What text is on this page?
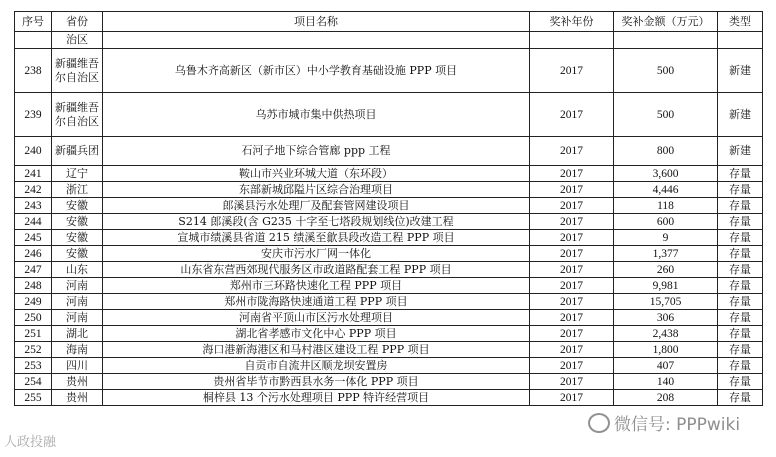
序号	省份	项目名称	奖补年份	奖补金额（万元）	类型
	治区				
238	新疆维吾尔自治区	乌鲁木齐高新区（新市区）中小学教育基础设施 PPP 项目	2017	500	新建
239	新疆维吾尔自治区	乌苏市城市集中供热项目	2017	500	新建
240	新疆兵团	石河子地下综合管廊 ppp 工程	2017	800	新建
241	辽宁	鞍山市兴业环城大道（东环段）	2017	3,600	存量
242	浙江	东部新城邱隘片区综合治理项目	2017	4,446	存量
243	安徽	郎溪县污水处理厂及配套管网建设项目	2017	118	存量
244	安徽	S214 郎溪段(含 G235 十字至七塔段规划线位)改建工程	2017	600	存量
245	安徽	宣城市绩溪县省道 215 绩溪至歙县段改造工程 PPP 项目	2017	9	存量
246	安徽	安庆市污水厂网一体化	2017	1,377	存量
247	山东	山东省东营西郊现代服务区市政道路配套工程 PPP 项目	2017	260	存量
248	河南	郑州市三环路快速化工程 PPP 项目	2017	9,981	存量
249	河南	郑州市陇海路快速通道工程 PPP 项目	2017	15,705	存量
250	河南	河南省平顶山市区污水处理项目	2017	306	存量
251	湖北	湖北省孝感市文化中心 PPP 项目	2017	2,438	存量
252	海南	海口港新海港区和马村港区建设工程 PPP 项目	2017	1,800	存量
253	四川	自贡市自流井区顺龙坝安置房	2017	407	存量
254	贵州	贵州省毕节市黔西县水务一体化 PPP 项目	2017	140	存量
255	贵州	桐梓县 13 个污水处理项目 PPP 特许经营项目	2017	208	存量
微信号: PPPwiki
人政投融
